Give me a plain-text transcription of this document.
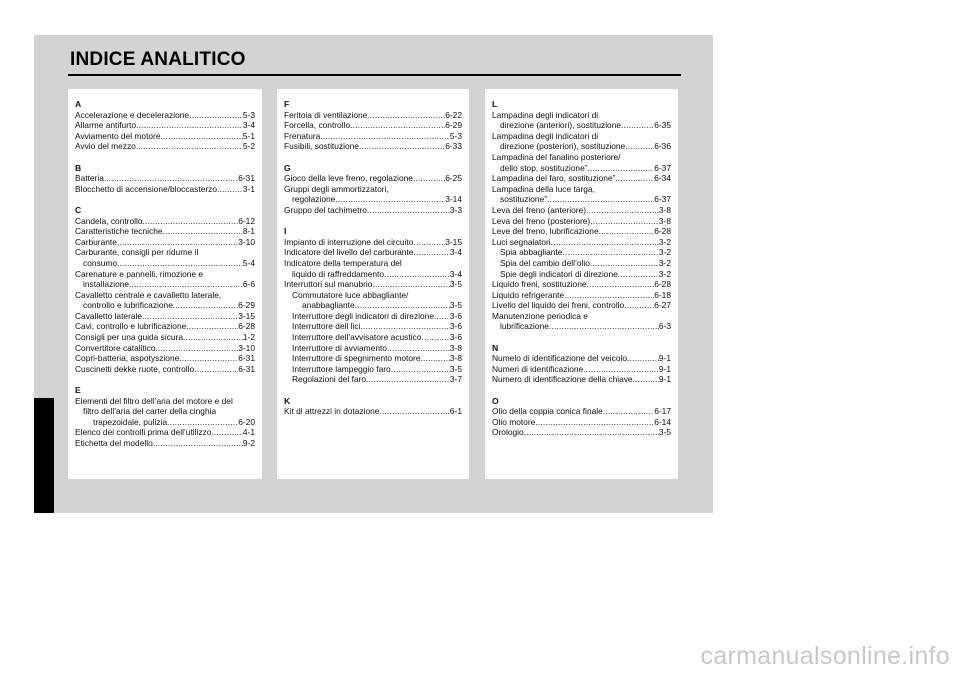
INDICE ANALITICO
A
Accelerazione e decelerazione .....	5-3
Allarme antifurto .....	3-4
Avviamento del motore .....	5-1
Avvio del mezzo .....	5-2
B
Batteria .....	6-31
Blocchetto di accensione/bloccasterzo .....	3-1
C
Candela, controllo .....	6-12
Caratteristiche tecniche .....	8-1
Carburante .....	3-10
Carburante, consigli per ridurne il
consumo .....	5-4
Carenature e pannelli, rimozione e
installazione .....	6-6
Cavalletto centrale e cavalletto laterale,
controllo e lubrificazione .....	6-29
Cavalletto laterale .....	3-15
Cavi, controllo e lubrificazione .....	6-28
Consigli per una guida sicura .....	1-2
Convertitore catalitico .....	3-10
Copri-batteria, aspotyszione .....	6-31
Cuscinetti dekke ruote, controllo .....	6-31
E
Elementi del filtro dell’aria del motore e del
filtro dell’aria del carter della cinghia
trapezoidale, pulizia .....	6-20
Elenco dei controlli prima dell’utilizzo .....	4-1
Etichetta del modello .....	9-2
F
Feritoia di ventilazione .....	6-22
Forcella, controllo .....	6-29
Frenatura .....	5-3
Fusibili, sostituzione .....	6-33
G
Gioco della leve freno, regolazione .....	6-25
Gruppi degli ammortizzatori,
regolazione .....	3-14
Gruppo del tachimetro .....	3-3
I
Impianto di interruzione del circuito .....	3-15
Indicatore del livello del carburante .....	3-4
Indicatore della temperatura del
liquido di raffreddamento .....	3-4
Interruttori sul manubrio .....	3-5
Commutatore luce abbagliante/
anabbagliante .....	3-5
Interruttore degli indicatori di direzione ..... 3-6
Interruttore dell lici .....	3-6
Interruttore dell’avvisatore acustico .....	3-6
Interruttore di avviamento .....	3-8
Interruttore di spegnimento motore .....	3-8
Interruttore lampeggio faro .....	3-5
Regolazioni del faro .....	3-7
K
Kit di attrezzi in dotazione .....	6-1
L
Lampadina degli indicatori di
direzione (anteriori), sostituzione .....	6-35
Lampadina degli indicatori di
direzione (posteriori), sostituzione .....	6-36
Lampadina del fanalino posteriore/
dello stop, sostituzione” .....	6-37
Lampadina del faro, sostituzione” .....	6-34
Lampadina della luce targa,
sostituzione” .....	6-37
Leva del freno (anteriore) .....	3-8
Leva del freno (posteriore) .....	3-8
Leve del freno, lubrificazione .....	6-28
Luci segnalatori .....	3-2
Spia abbagliante .....	3-2
Spia del cambio dell’olio .....	3-2
Spie degli indicatori di direzione .....	3-2
Liquido freni, sostituzione .....	6-28
Liquido refrigerante .....	6-18
Livello del liquido dei freni, controllo .....	6-27
Manutenzione periodica e
lubrificazione .....	6-3
N
Numelo di identificazione del veicolo .....	9-1
Numeri di identificazione .....	9-1
Numero di identificazione della chiave .....	9-1
O
Olio della coppia conica finale .....	6-17
Olio motore .....	6-14
Orologio .....	3-5
carmanualsonline.info
